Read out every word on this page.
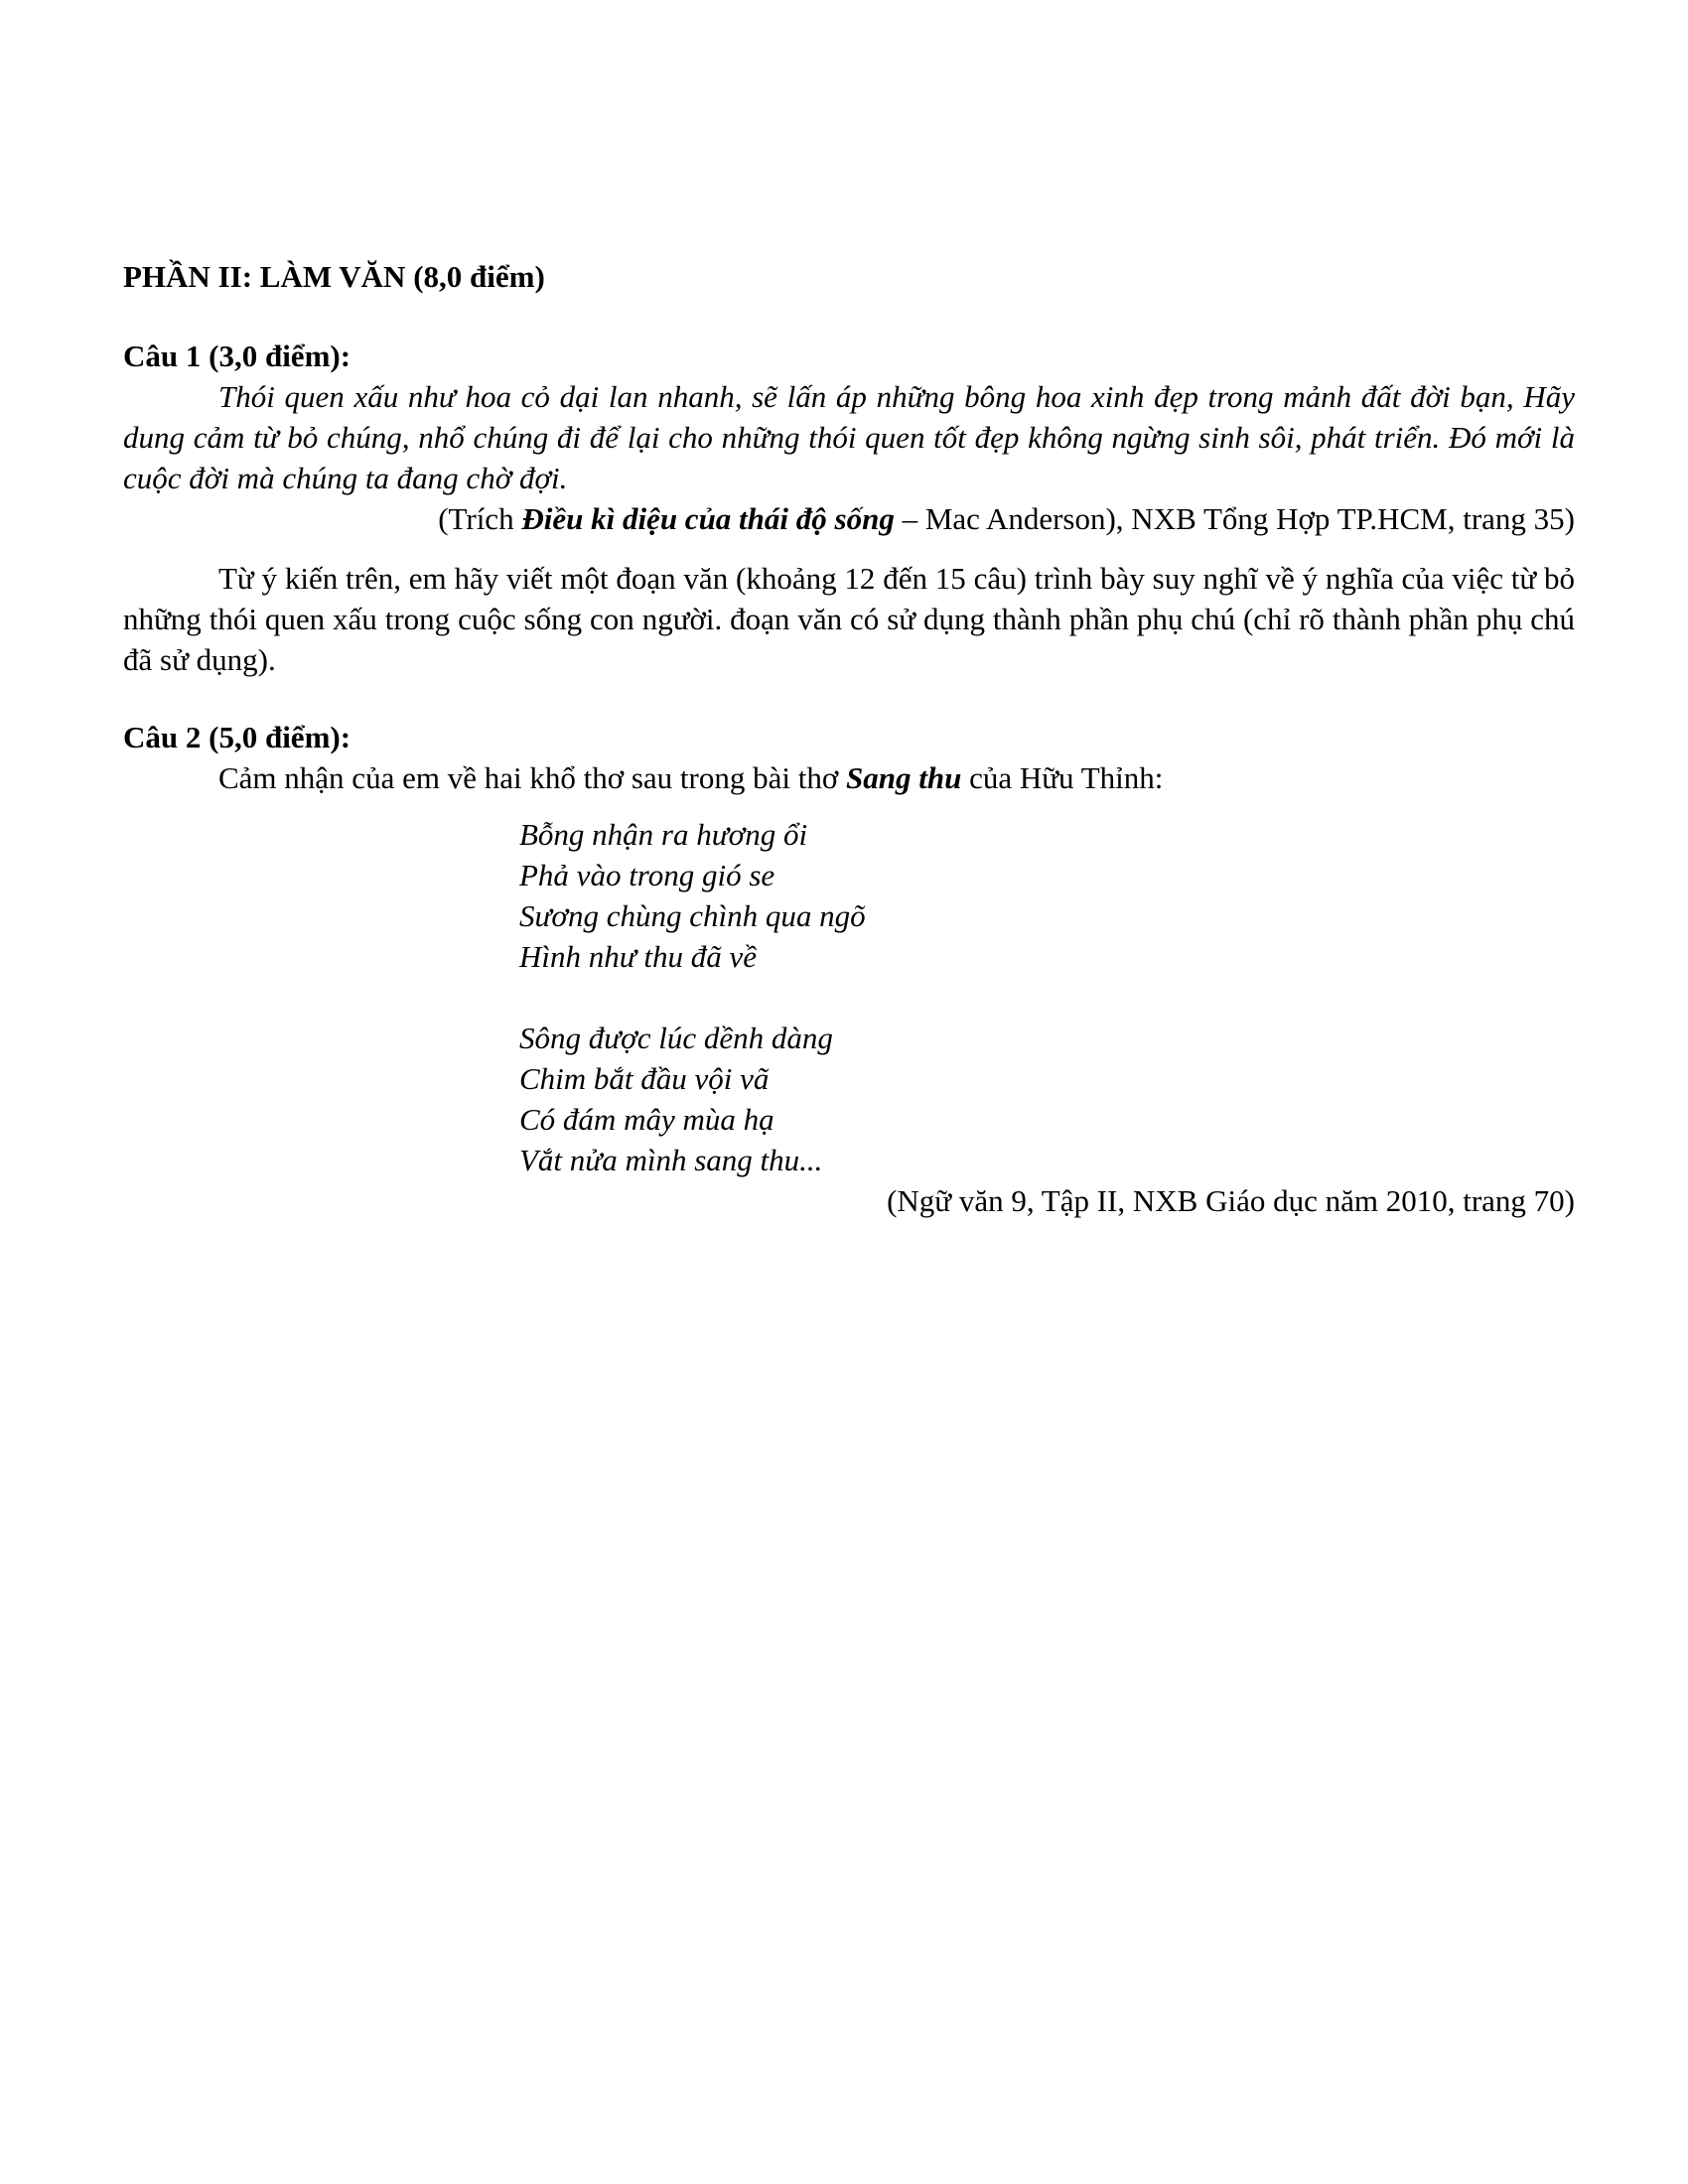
PHẦN II: LÀM VĂN (8,0 điểm)

Câu 1 (3,0 điểm):

Thói quen xấu như hoa cỏ dại lan nhanh, sẽ lấn áp những bông hoa xinh đẹp trong mảnh đất đời bạn, Hãy dung cảm từ bỏ chúng, nhổ chúng đi để lại cho những thói quen tốt đẹp không ngừng sinh sôi, phát triển. Đó mới là cuộc đời mà chúng ta đang chờ đợi.

(Trích Điều kì diệu của thái độ sống – Mac Anderson), NXB Tổng Hợp TP.HCM, trang 35)

Từ ý kiến trên, em hãy viết một đoạn văn (khoảng 12 đến 15 câu) trình bày suy nghĩ về ý nghĩa của việc từ bỏ những thói quen xấu trong cuộc sống con người. đoạn văn có sử dụng thành phần phụ chú (chỉ rõ thành phần phụ chú đã sử dụng).

Câu 2 (5,0 điểm):

Cảm nhận của em về hai khổ thơ sau trong bài thơ Sang thu của Hữu Thỉnh:

Bỗng nhận ra hương ổi
Phả vào trong gió se
Sương chùng chình qua ngõ
Hình như thu đã về
Sông được lúc dềnh dàng
Chim bắt đầu vội vã
Có đám mây mùa hạ
Vắt nửa mình sang thu...

(Ngữ văn 9, Tập II, NXB Giáo dục năm 2010, trang 70)
